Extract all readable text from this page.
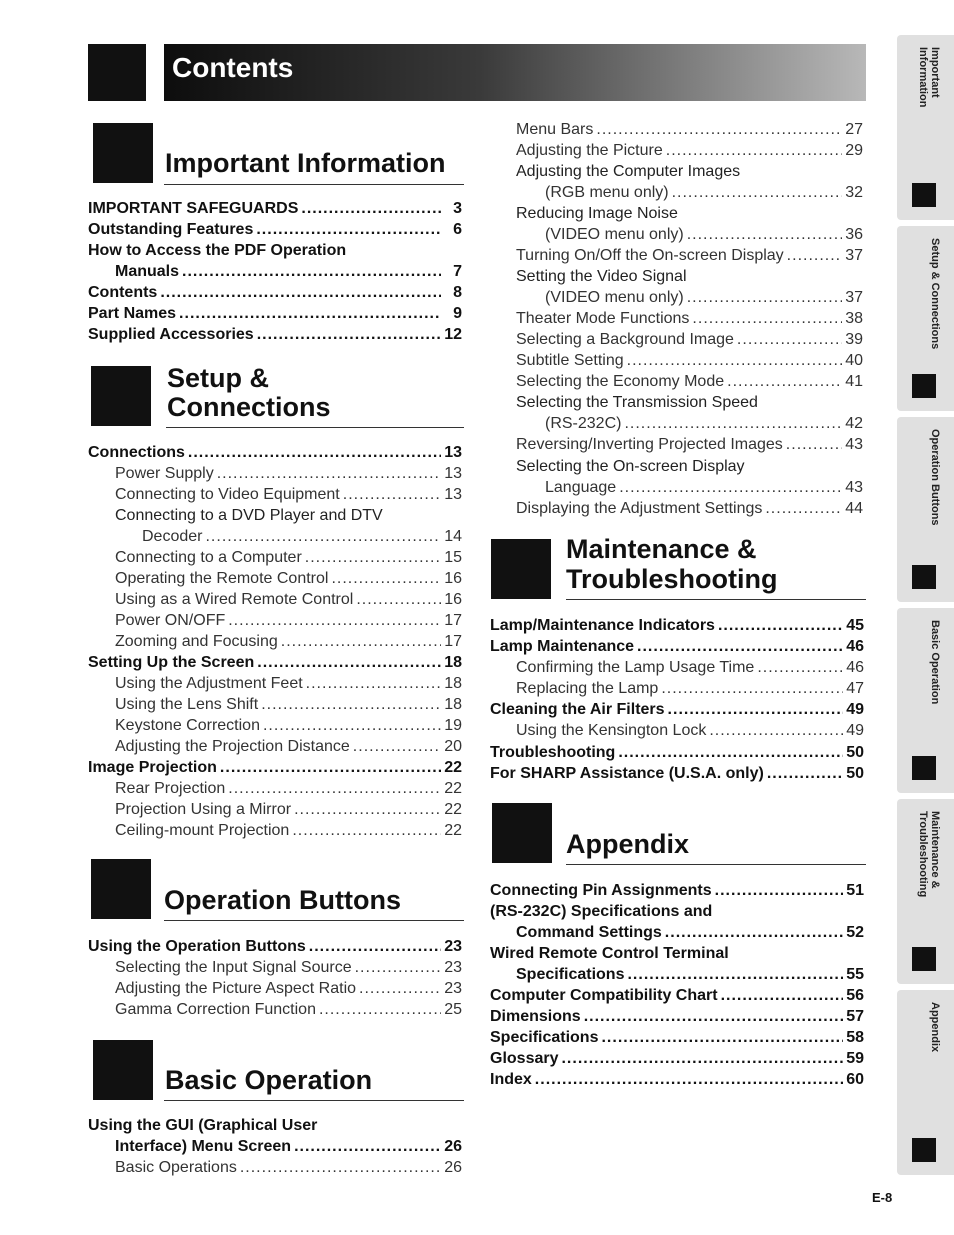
Contents
Important Information
IMPORTANT SAFEGUARDS .....	3
Outstanding Features .....	6
How to Access the PDF Operation
Manuals .....	7
Contents .....	8
Part Names .....	9
Supplied Accessories .....	12
Setup &
Connections
Connections .....	13
Power Supply .....	13
Connecting to Video Equipment .....	13
Connecting to a DVD Player and DTV
Decoder .....	14
Connecting to a Computer .....	15
Operating the Remote Control .....	16
Using as a Wired Remote Control .....	16
Power ON/OFF .....	17
Zooming and Focusing .....	17
Setting Up the Screen .....	18
Using the Adjustment Feet .....	18
Using the Lens Shift .....	18
Keystone Correction .....	19
Adjusting the Projection Distance .....	20
Image Projection .....	22
Rear Projection .....	22
Projection Using a Mirror .....	22
Ceiling-mount Projection .....	22
Operation Buttons
Using the Operation Buttons .....	23
Selecting the Input Signal Source .....	23
Adjusting the Picture Aspect Ratio .....	23
Gamma Correction Function .....	25
Basic Operation
Using the GUI (Graphical User
Interface) Menu Screen .....	26
Basic Operations .....	26
Menu Bars .....	27
Adjusting the Picture .....	29
Adjusting the Computer Images
(RGB menu only) .....	32
Reducing Image Noise
(VIDEO menu only) .....	36
Turning On/Off the On-screen Display .....	37
Setting the Video Signal
(VIDEO menu only) .....	37
Theater Mode Functions .....	38
Selecting a Background Image .....	39
Subtitle Setting .....	40
Selecting the Economy Mode .....	41
Selecting the Transmission Speed
(RS-232C) .....	42
Reversing/Inverting Projected Images .....	43
Selecting the On-screen Display
Language .....	43
Displaying the Adjustment Settings .....	44
Maintenance &
Troubleshooting
Lamp/Maintenance Indicators .....	45
Lamp Maintenance .....	46
Confirming the Lamp Usage Time .....	46
Replacing the Lamp .....	47
Cleaning the Air Filters .....	49
Using the Kensington Lock .....	49
Troubleshooting .....	50
For SHARP Assistance (U.S.A. only) .....	50
Appendix
Connecting Pin Assignments .....	51
(RS-232C) Specifications and
Command Settings .....	52
Wired Remote Control Terminal
Specifications .....	55
Computer Compatibility Chart .....	56
Dimensions .....	57
Specifications .....	58
Glossary .....	59
Index .....	60
Important Information
Setup & Connections
Operation Buttons
Basic Operation
Maintenance & Troubleshooting
Appendix
E-8
